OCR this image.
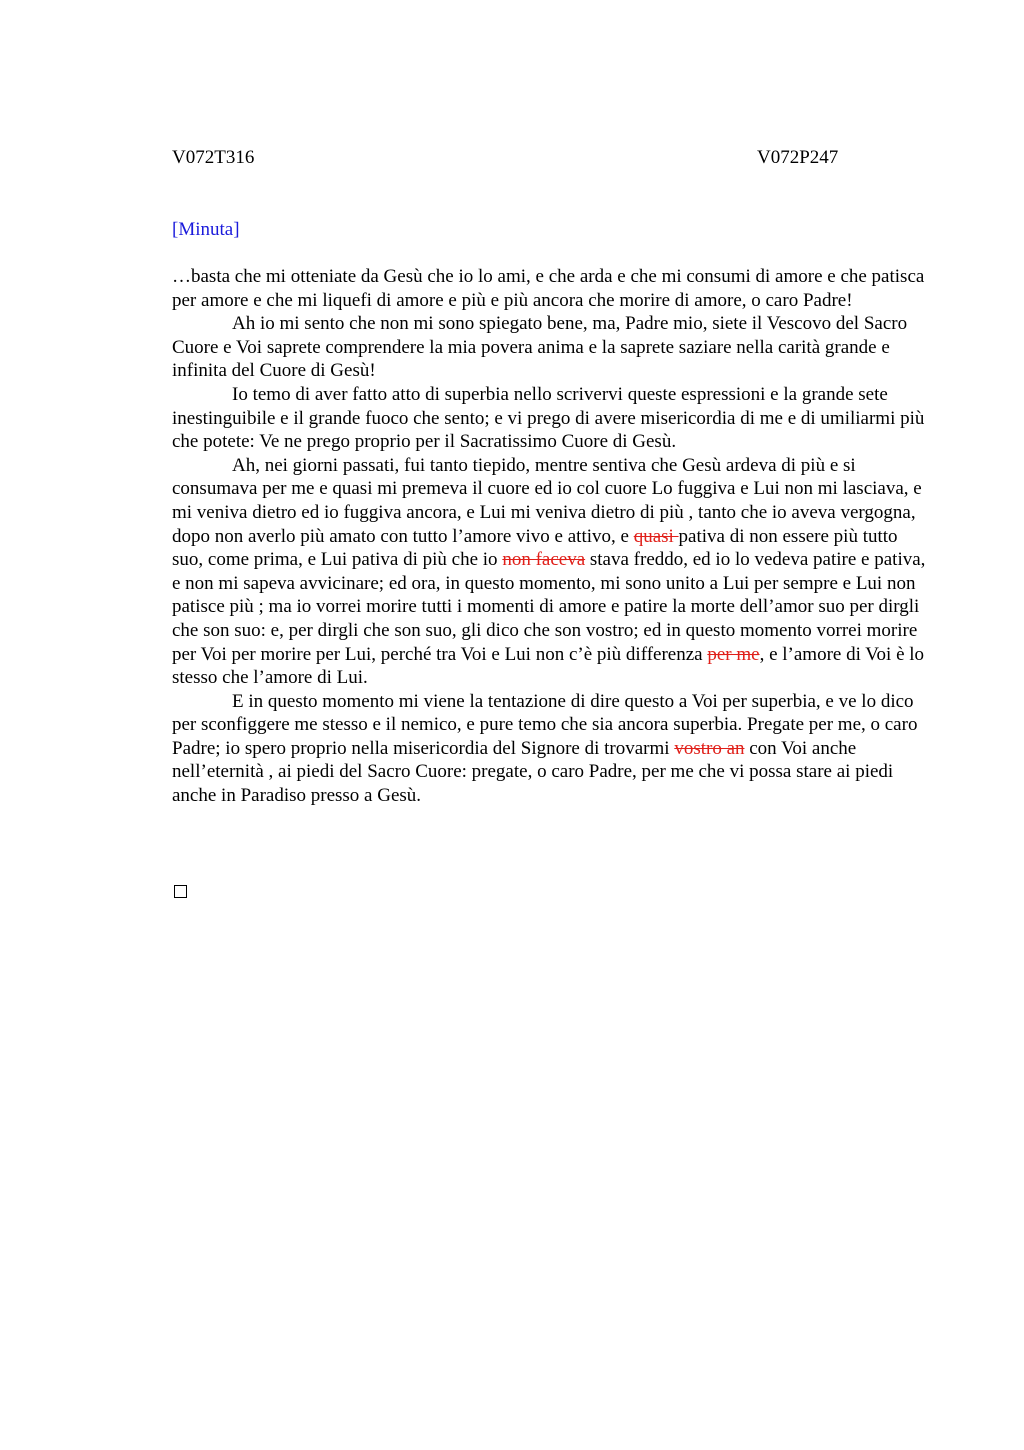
V072T316	V072P247
[Minuta]

…basta che mi otteniate da Gesù che io lo ami, e che arda e che mi consumi di amore e che patisca per amore e che mi liquefi di amore e più e più ancora che morire di amore, o caro Padre!

Ah io mi sento che non mi sono spiegato bene, ma, Padre mio, siete il Vescovo del Sacro Cuore e Voi saprete comprendere la mia povera anima e la saprete saziare nella carità grande e infinita del Cuore di Gesù!

Io temo di aver fatto atto di superbia nello scrivervi queste espressioni e la grande sete inestinguibile e il grande fuoco che sento; e vi prego di avere misericordia di me e di umiliarmi più che potete: Ve ne prego proprio per il Sacratissimo Cuore di Gesù.

Ah, nei giorni passati, fui tanto tiepido, mentre sentiva che Gesù ardeva di più e si consumava per me e quasi mi premeva il cuore ed io col cuore Lo fuggiva e Lui non mi lasciava, e mi veniva dietro ed io fuggiva ancora, e Lui mi veniva dietro di più , tanto che io aveva vergogna, dopo non averlo più amato con tutto l’amore vivo e attivo, e quasi pativa di non essere più tutto suo, come prima, e Lui pativa di più che io non faceva stava freddo, ed io lo vedeva patire e pativa, e non mi sapeva avvicinare; ed ora, in questo momento, mi sono unito a Lui per sempre e Lui non patisce più ; ma io vorrei morire tutti i momenti di amore e patire la morte dell’amor suo per dirgli che son suo: e, per dirgli che son suo, gli dico che son vostro; ed in questo momento vorrei morire per Voi per morire per Lui, perché tra Voi e Lui non c’è più differenza per me, e l’amore di Voi è lo stesso che l’amore di Lui.

E in questo momento mi viene la tentazione di dire questo a Voi per superbia, e ve lo dico per sconfiggere me stesso e il nemico, e pure temo che sia ancora superbia. Pregate per me, o caro Padre; io spero proprio nella misericordia del Signore di trovarmi vostro an con Voi anche nell’eternità , ai piedi del Sacro Cuore: pregate, o caro Padre, per me che vi possa stare ai piedi anche in Paradiso presso a Gesù.
